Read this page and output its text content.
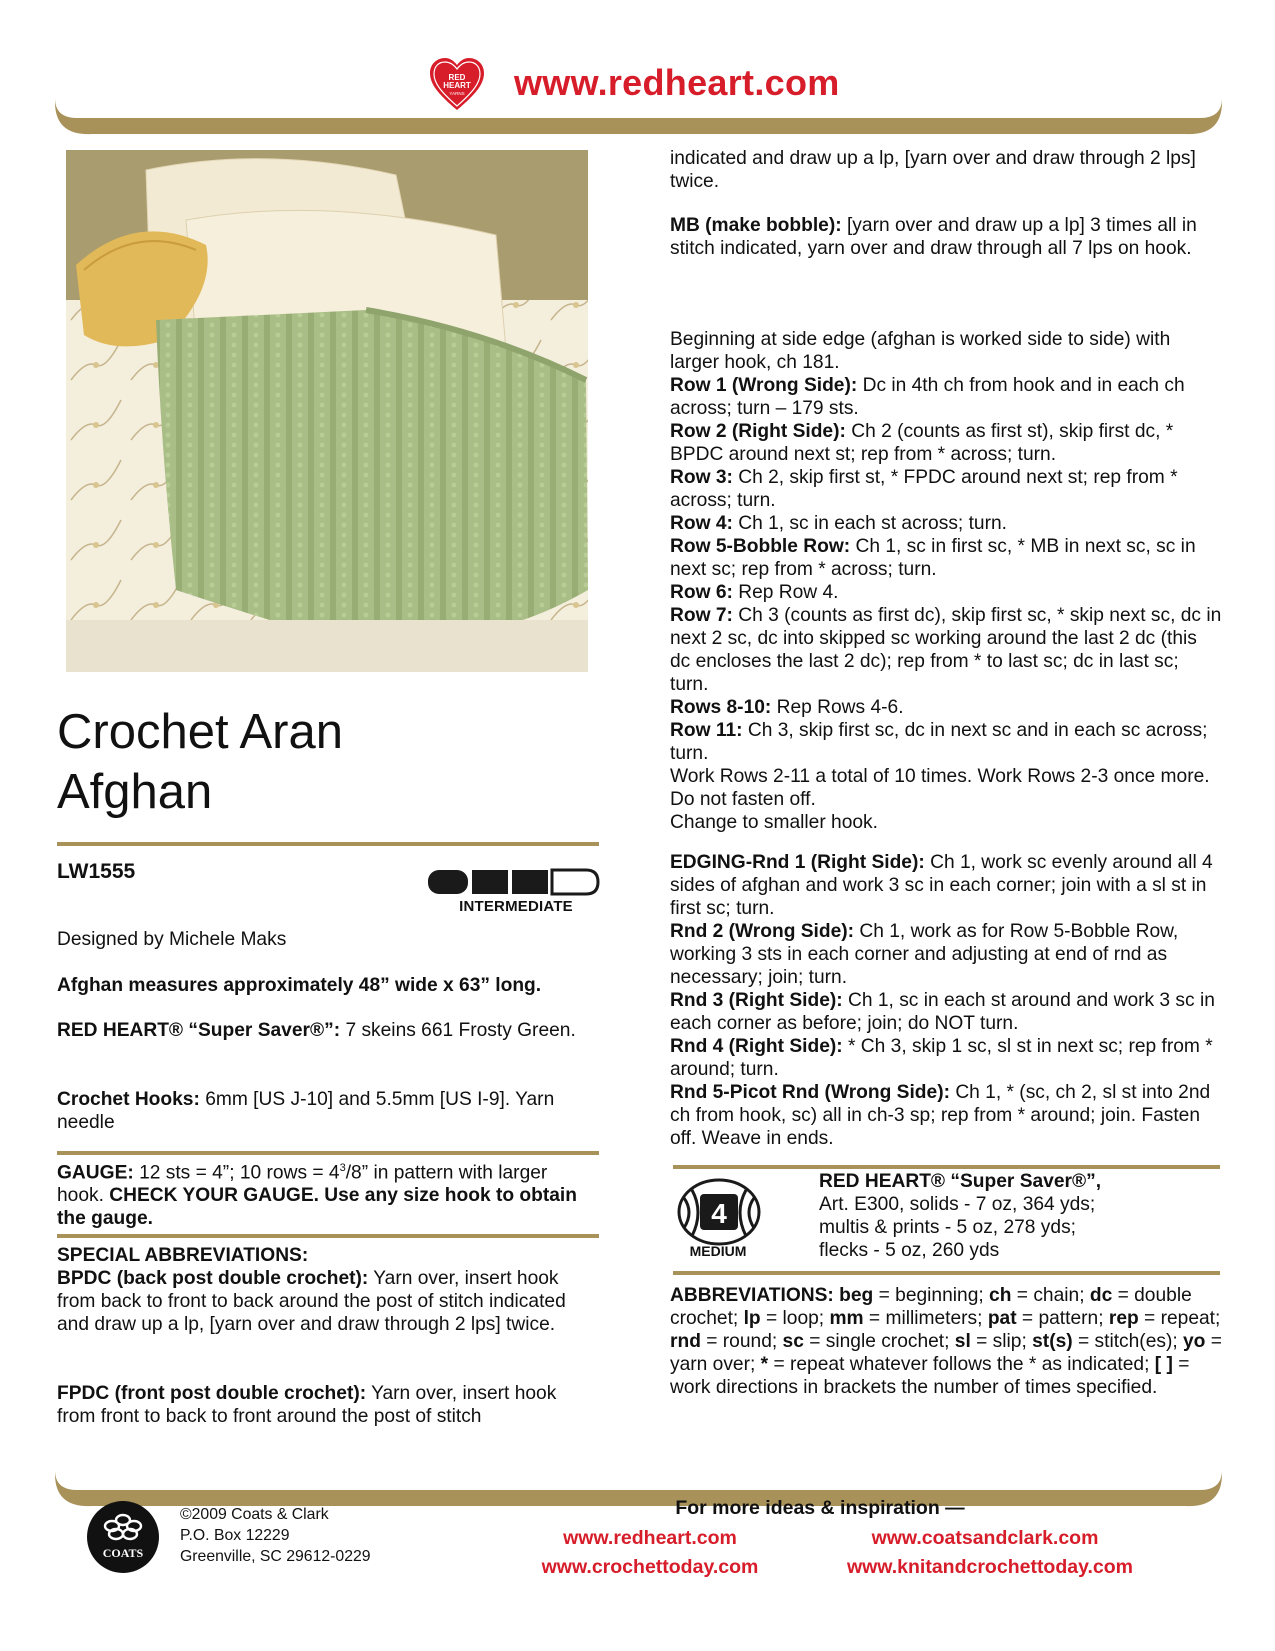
RED
HEART
YARNS www.redheart.com
Crochet Aran
Afghan
LW1555
INTERMEDIATE
Designed by Michele Maks
Afghan measures approximately 48” wide x 63” long.
RED HEART® “Super Saver®”: 7 skeins 661 Frosty Green.
Crochet Hooks: 6mm [US J-10] and 5.5mm [US I-9]. Yarn needle
GAUGE: 12 sts = 4”; 10 rows = $4^3/8$” in pattern with larger hook. CHECK YOUR GAUGE. Use any size hook to obtain the gauge.
SPECIAL ABBREVIATIONS:
BPDC (back post double crochet): Yarn over, insert hook from back to front to back around the post of stitch indicated and draw up a lp, [yarn over and draw through 2 lps] twice.
FPDC (front post double crochet): Yarn over, insert hook from front to back to front around the post of stitch
indicated and draw up a lp, [yarn over and draw through 2 lps] twice.
MB (make bobble): [yarn over and draw up a lp] 3 times all in stitch indicated, yarn over and draw through all 7 lps on hook.
Beginning at side edge (afghan is worked side to side) with larger hook, ch 181.
Row 1 (Wrong Side): Dc in 4th ch from hook and in each ch across; turn – 179 sts.
Row 2 (Right Side): Ch 2 (counts as first st), skip first dc, * BPDC around next st; rep from * across; turn.
Row 3: Ch 2, skip first st, * FPDC around next st; rep from * across; turn.
Row 4: Ch 1, sc in each st across; turn.
Row 5-Bobble Row: Ch 1, sc in first sc, * MB in next sc, sc in next sc; rep from * across; turn.
Row 6: Rep Row 4.
Row 7: Ch 3 (counts as first dc), skip first sc, * skip next sc, dc in next 2 sc, dc into skipped sc working around the last 2 dc (this dc encloses the last 2 dc); rep from * to last sc; dc in last sc; turn.
Rows 8-10: Rep Rows 4-6.
Row 11: Ch 3, skip first sc, dc in next sc and in each sc across; turn.
Work Rows 2-11 a total of 10 times. Work Rows 2-3 once more. Do not fasten off.
Change to smaller hook.
EDGING-Rnd 1 (Right Side): Ch 1, work sc evenly around all 4 sides of afghan and work 3 sc in each corner; join with a sl st in first sc; turn.
Rnd 2 (Wrong Side): Ch 1, work as for Row 5-Bobble Row, working 3 sts in each corner and adjusting at end of rnd as necessary; join; turn.
Rnd 3 (Right Side): Ch 1, sc in each st around and work 3 sc in each corner as before; join; do NOT turn.
Rnd 4 (Right Side): * Ch 3, skip 1 sc, sl st in next sc; rep from * around; turn.
Rnd 5-Picot Rnd (Wrong Side): Ch 1, * (sc, ch 2, sl st into 2nd ch from hook, sc) all in ch-3 sp; rep from * around; join. Fasten off. Weave in ends.
4
MEDIUM
RED HEART® “Super Saver®”,
Art. E300, solids - 7 oz, 364 yds;
multis & prints - 5 oz, 278 yds;
flecks - 5 oz, 260 yds
ABBREVIATIONS: beg = beginning; ch = chain; dc = double crochet; lp = loop; mm = millimeters; pat = pattern; rep = repeat; rnd = round; sc = single crochet; sl = slip; st(s) = stitch(es); yo = yarn over; * = repeat whatever follows the * as indicated; [ ] = work directions in brackets the number of times specified.
COATS
©2009 Coats & Clark
P.O. Box 12229
Greenville, SC 29612-0229
For more ideas & inspiration —
www.redheart.com	www.coatsandclark.com
www.crochettoday.com	www.knitandcrochettoday.com
